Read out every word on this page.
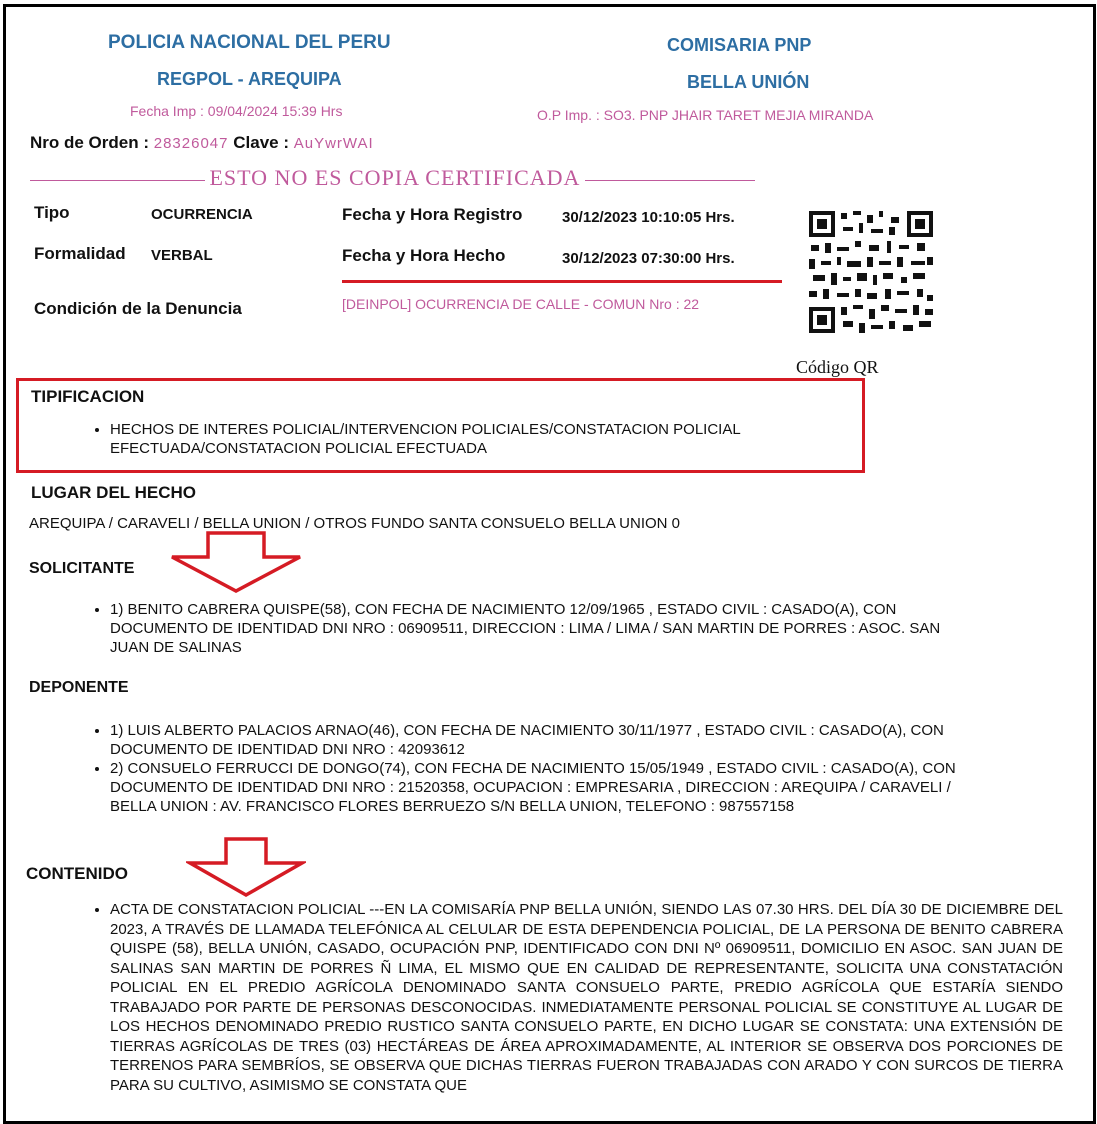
POLICIA NACIONAL DEL PERU
REGPOL - AREQUIPA
COMISARIA PNP
BELLA UNIÓN
Fecha Imp : 09/04/2024 15:39 Hrs	O.P Imp. : SO3. PNP JHAIR TARET MEJIA MIRANDA
Nro de Orden : 28326047 Clave : AuYwrWAI
ESTO NO ES COPIA CERTIFICADA
Tipo	OCURRENCIA
Formalidad VERBAL
Condición de la Denuncia	[DEINPOL] OCURRENCIA DE CALLE - COMUN Nro : 22
Fecha y Hora Registro	30/12/2023 10:10:05 Hrs.
Fecha y Hora Hecho	30/12/2023 07:30:00 Hrs.
Código QR
TIPIFICACION
• HECHOS DE INTERES POLICIAL/INTERVENCION POLICIALES/CONSTATACION POLICIAL EFECTUADA/CONSTATACION POLICIAL EFECTUADA
LUGAR DEL HECHO
AREQUIPA / CARAVELI / BELLA UNION / OTROS FUNDO SANTA CONSUELO BELLA UNION 0
SOLICITANTE
• 1) BENITO CABRERA QUISPE(58), CON FECHA DE NACIMIENTO 12/09/1965 , ESTADO CIVIL : CASADO(A), CON DOCUMENTO DE IDENTIDAD DNI NRO : 06909511, DIRECCION : LIMA / LIMA / SAN MARTIN DE PORRES : ASOC. SAN JUAN DE SALINAS
DEPONENTE
• 1) LUIS ALBERTO PALACIOS ARNAO(46), CON FECHA DE NACIMIENTO 30/11/1977 , ESTADO CIVIL : CASADO(A), CON DOCUMENTO DE IDENTIDAD DNI NRO : 42093612
• 2) CONSUELO FERRUCCI DE DONGO(74), CON FECHA DE NACIMIENTO 15/05/1949 , ESTADO CIVIL : CASADO(A), CON DOCUMENTO DE IDENTIDAD DNI NRO : 21520358, OCUPACION : EMPRESARIA , DIRECCION : AREQUIPA / CARAVELI / BELLA UNION : AV. FRANCISCO FLORES BERRUEZO S/N BELLA UNION, TELEFONO : 987557158
CONTENIDO
• ACTA DE CONSTATACION POLICIAL ---EN LA COMISARÍA PNP BELLA UNIÓN, SIENDO LAS 07.30 HRS. DEL DÍA 30 DE DICIEMBRE DEL 2023, A TRAVÉS DE LLAMADA TELEFÓNICA AL CELULAR DE ESTA DEPENDENCIA POLICIAL, DE LA PERSONA DE BENITO CABRERA QUISPE (58), BELLA UNIÓN, CASADO, OCUPACIÓN PNP, IDENTIFICADO CON DNI Nº 06909511, DOMICILIO EN ASOC. SAN JUAN DE SALINAS SAN MARTIN DE PORRES Ñ LIMA, EL MISMO QUE EN CALIDAD DE REPRESENTANTE, SOLICITA UNA CONSTATACIÓN POLICIAL EN EL PREDIO AGRÍCOLA DENOMINADO SANTA CONSUELO PARTE, PREDIO AGRÍCOLA QUE ESTARÍA SIENDO TRABAJADO POR PARTE DE PERSONAS DESCONOCIDAS. INMEDIATAMENTE PERSONAL POLICIAL SE CONSTITUYE AL LUGAR DE LOS HECHOS DENOMINADO PREDIO RUSTICO SANTA CONSUELO PARTE, EN DICHO LUGAR SE CONSTATA: UNA EXTENSIÓN DE TIERRAS AGRÍCOLAS DE TRES (03) HECTÁREAS DE ÁREA APROXIMADAMENTE, AL INTERIOR SE OBSERVA DOS PORCIONES DE TERRENOS PARA SEMBRÍOS, SE OBSERVA QUE DICHAS TIERRAS FUERON TRABAJADAS CON ARADO Y CON SURCOS DE TIERRA PARA SU CULTIVO, ASIMISMO SE CONSTATA QUE
